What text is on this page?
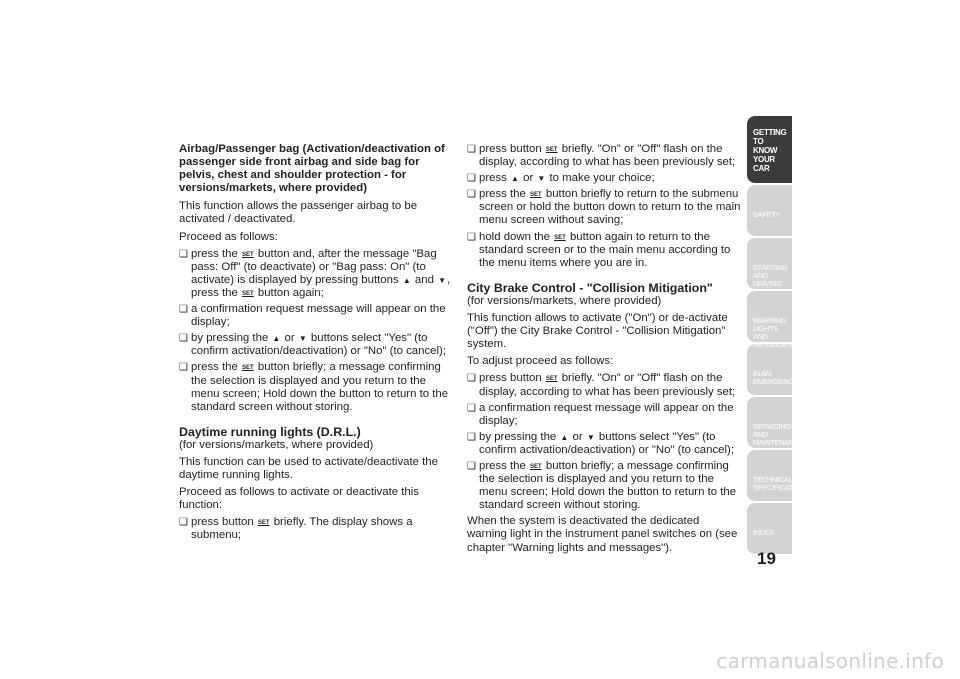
Airbag/Passenger bag (Activation/deactivation of passenger side front airbag and side bag for pelvis, chest and shoulder protection - for versions/markets, where provided)

This function allows the passenger airbag to be activated / deactivated.

Proceed as follows:

❑ press the SET button and, after the message "Bag pass: Off" (to deactivate) or "Bag pass: On" (to activate) is displayed by pressing buttons ▲ and ▼, press the SET button again;
❑ a confirmation request message will appear on the display;
❑ by pressing the ▲ or ▼ buttons select "Yes" (to confirm activation/deactivation) or "No" (to cancel);
❑ press the SET button briefly; a message confirming the selection is displayed and you return to the menu screen; Hold down the button to return to the standard screen without storing.

Daytime running lights (D.R.L.)

(for versions/markets, where provided)

This function can be used to activate/deactivate the daytime running lights.

Proceed as follows to activate or deactivate this function:

❑ press button SET briefly. The display shows a submenu;
❑ press button SET briefly. "On" or "Off" flash on the display, according to what has been previously set;
❑ press ▲ or ▼ to make your choice;
❑ press the SET button briefly to return to the submenu screen or hold the button down to return to the main menu screen without saving;
❑ hold down the SET button again to return to the standard screen or to the main menu according to the menu items where you are in.

City Brake Control - "Collision Mitigation"

(for versions/markets, where provided)

This function allows to activate ("On") or de-activate ("Off") the City Brake Control - "Collision Mitigation" system.

To adjust proceed as follows:

❑ press button SET briefly. "On" or "Off" flash on the display, according to what has been previously set;
❑ a confirmation request message will appear on the display;
❑ by pressing the ▲ or ▼ buttons select "Yes" (to confirm activation/deactivation) or "No" (to cancel);
❑ press the SET button briefly; a message confirming the selection is displayed and you return to the menu screen; Hold down the button to return to the standard screen without storing.

When the system is deactivated the dedicated warning light in the instrument panel switches on (see chapter "Warning lights and messages").

GETTING TO KNOW YOUR CAR
SAFETY
STARTING AND DRIVING
WARNING LIGHTS AND MESSAGES
IN AN EMERGENCY
SERVICING AND MAINTENANCE
TECHNICAL SPECIFICATIONS
INDEX
19
carmanualsonline.info
